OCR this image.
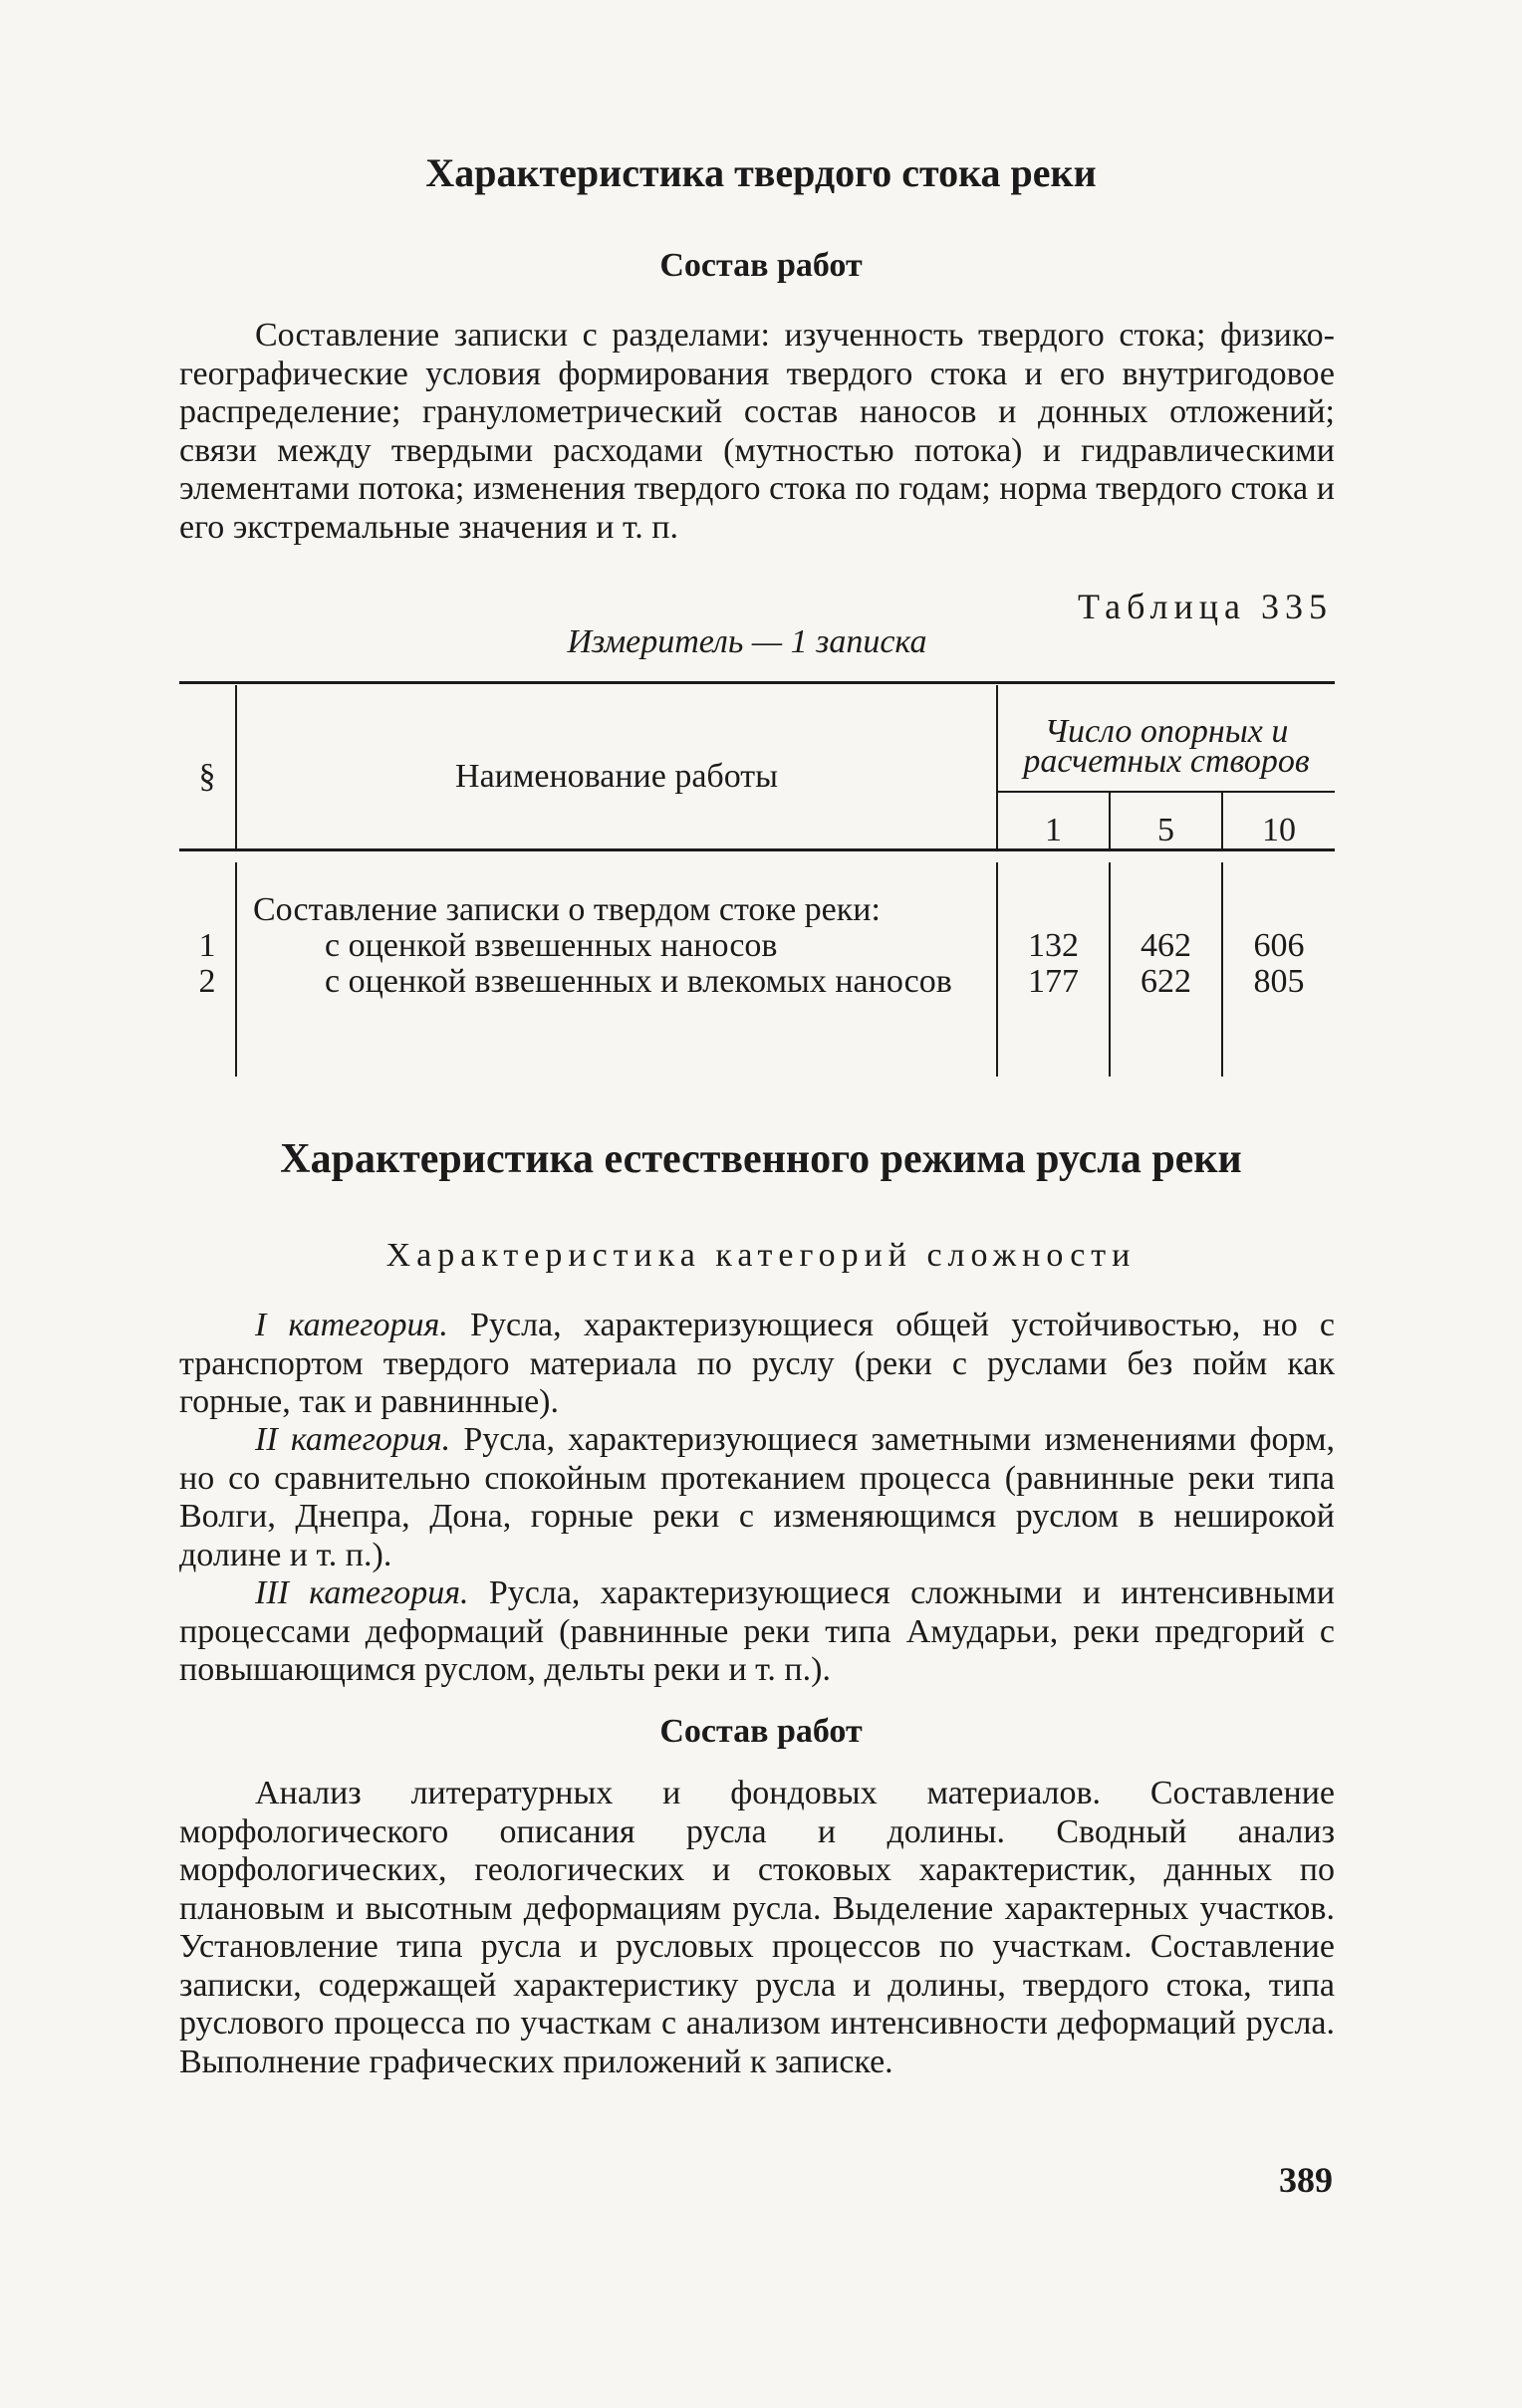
Характеристика твердого стока реки
Состав работ

Составление записки с разделами: изученность твердого стока; физико-географические условия формирования твердого стока и его внутригодовое распределение; гранулометрический состав наносов и донных отложений; связи между твердыми расходами (мутностью потока) и гидравлическими элементами потока; изменения твердого стока по годам; норма твердого стока и его экстремальные значения и т. п.

Таблица 335
Измеритель — 1 записка
§	Наименование работы
Число опорных и расчетных створов
1	5	10
Составление записки о твердом стоке реки:
1	с оценкой взвешенных наносов	132	462	606
2	с оценкой взвешенных и влекомых наносов	177	622	805
Характеристика естественного режима русла реки
Характеристика категорий сложности

I категория. Русла, характеризующиеся общей устойчивостью, но с транспортом твердого материала по руслу (реки с руслами без пойм как горные, так и равнинные).

II категория. Русла, характеризующиеся заметными изменениями форм, но со сравнительно спокойным протеканием процесса (равнинные реки типа Волги, Днепра, Дона, горные реки с изменяющимся руслом в неширокой долине и т. п.).

III категория. Русла, характеризующиеся сложными и интенсивными процессами деформаций (равнинные реки типа Амударьи, реки предгорий с повышающимся руслом, дельты реки и т. п.).

Состав работ

Анализ литературных и фондовых материалов. Составление морфологического описания русла и долины. Сводный анализ морфологических, геологических и стоковых характеристик, данных по плановым и высотным деформациям русла. Выделение характерных участков. Установление типа русла и русловых процессов по участкам. Составление записки, содержащей характеристику русла и долины, твердого стока, типа руслового процесса по участкам с анализом интенсивности деформаций русла. Выполнение графических приложений к записке.

389
